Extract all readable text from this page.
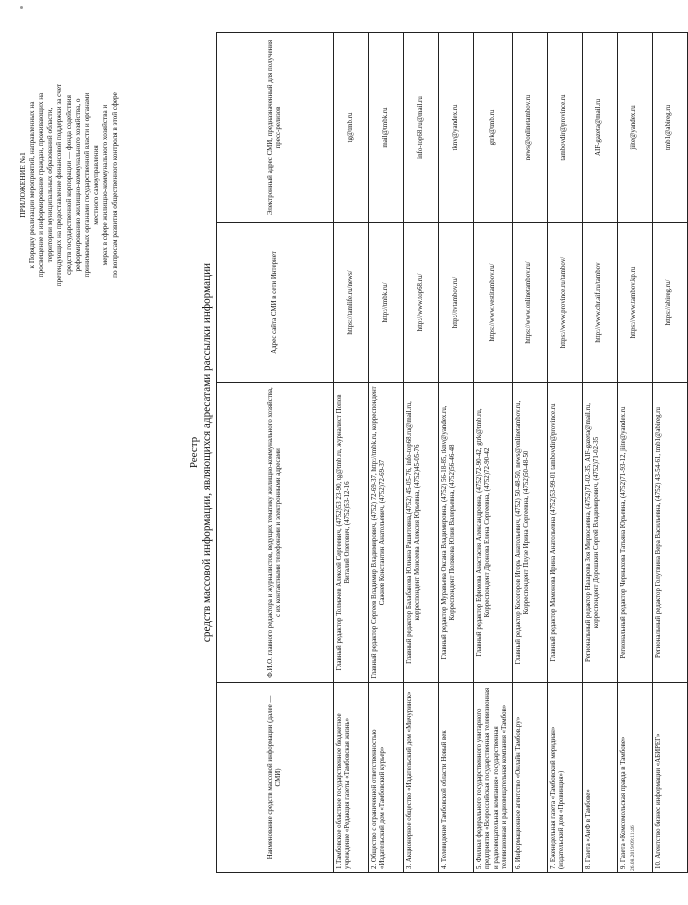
ПРИЛОЖЕНИЕ №1 к Порядку реализации мероприятий, направленных на просвещение и информирование граждан, проживающих на территории муниципальных образований области, претендующих на предоставление финансовой поддержки за счет средств государственной корпорации — фонда содействия реформированию жилищно-коммунального хозяйства, о принимаемых органами государственной власти и органами местного самоуправления мерах в сфере жилищно-коммунального хозяйства и по вопросам развития общественного контроля в этой сфере
Реестр средств массовой информации, являющихся адресатами рассылки информации
Наименование средств массовой информации (далее — СМИ)	Ф.И.О. главного редактора и журналистов, ведущих тематику жилищно-коммунального хозяйства, с их контактными телефонами и электронными адресами	Адрес сайта СМИ в сети Интернет	Электронный адрес СМИ, предназначенный для получения пресс-релизов
1.Тамбовское областное государственное бюджетное учреждение «Редакция газеты «Тамбовская жизнь»	Главный редактор Толмачев Алексей Сергеевич, (4752)53 23-90, tg@tmb.ru, журналист Попов Виталий Олегович, (4752)53-12-16	https://tamlife.ru/news/	tg@tmb.ru
2. Общество с ограниченной ответственностью «Издательский дом «Тамбовский курьер»	Главный редактор Сергеев Владимир Владимирович, (4752) 72-69-37, http://tmbk.ru, корреспондент Сажнев Константин Анатольевич, (4752)72-69-37	http://tmbk.ru/	mail@tmbk.ru
3. Акционерное общество «Издательский дом «Мичуринск»	Главный редактор Балабанова Юлиана Рашитовна,(4752) 45-05-76, info-top68.ru@mail.ru, корреспондент Моисеева Алексия Юрьевна, (4752)45-05-76	http://www.top68.ru/	info-top68.ru@mail.ru
4. Телевидение Тамбовской области Новый век	Главный редактор Муравьева Оксана Владимировна, (4752) 56-18-85, tknv@yandex.ru, Корреспондент Полякова Юлия Валерьевна, (4752)56-46-48	http://tvtambov.ru/	tknv@yandex.ru
5. Филиал федерального государственного унитарного предприятия «Всероссийская государственная телевизионная и радиовещательная компания» государственная телевизионная и радиовещательная компания «Тамбов»	Главный редактор Ефимова Анастасия Александровна, (4752)72-90-42, gtrk@tmb.ru, Корреспондент Дронова Елена Сергеевна, (4752)72-90-42	https://www.vestitambov.ru/	gtrk@tmb.ru
6. Информационное агентство «Онлайн Тамбов.ру»	Главный редактор Косогоров Игорь Анатольевич, (4752) 50-48-50, news@onlinetambov.ru, Корреспондент Плузе Ирина Сергеевна, (4752)50-48-50	https://www.onlinetambov.ru/	news@onlinetambov.ru
7. Еженедельная газета «Тамбовский меридиан» (издательский дом «Провинция»)	Главный редактор Мамонова Ирина Анатольевна (4752)53-99-01 tambovdir@province.ru	https://www.province.ru/tambov/	tambovdir@province.ru
8. Газета «АиФ в Тамбове»	Региональный редактор Назарова Зоя Мирюсаевна, (4752)71-02-35, AIF-gazeta@mail.ru, корреспондент Дорошкин Сергей Владимирович, (4752)71-02-35	http://www.chr.aif.ru/tambov	AIF-gazeta@mail.ru
9. Газета «Комсомольская правда в Тамбове»	Региональный редактор Черныхова Татьяна Юрьевна, (4752)71-93-12, jiite@yandex.ru	https://www.tambov.kp.ru	jiite@yandex.ru
10. Агентство бизнес информации «АБИРЕГ»	Региональный редактор Голутвина Вера Васильевна, (4752) 43-54-61, tmb1@abireg.ru	https://abireg.ru/	tmb1@abireg.ru
26.08.2019/09:11:46
